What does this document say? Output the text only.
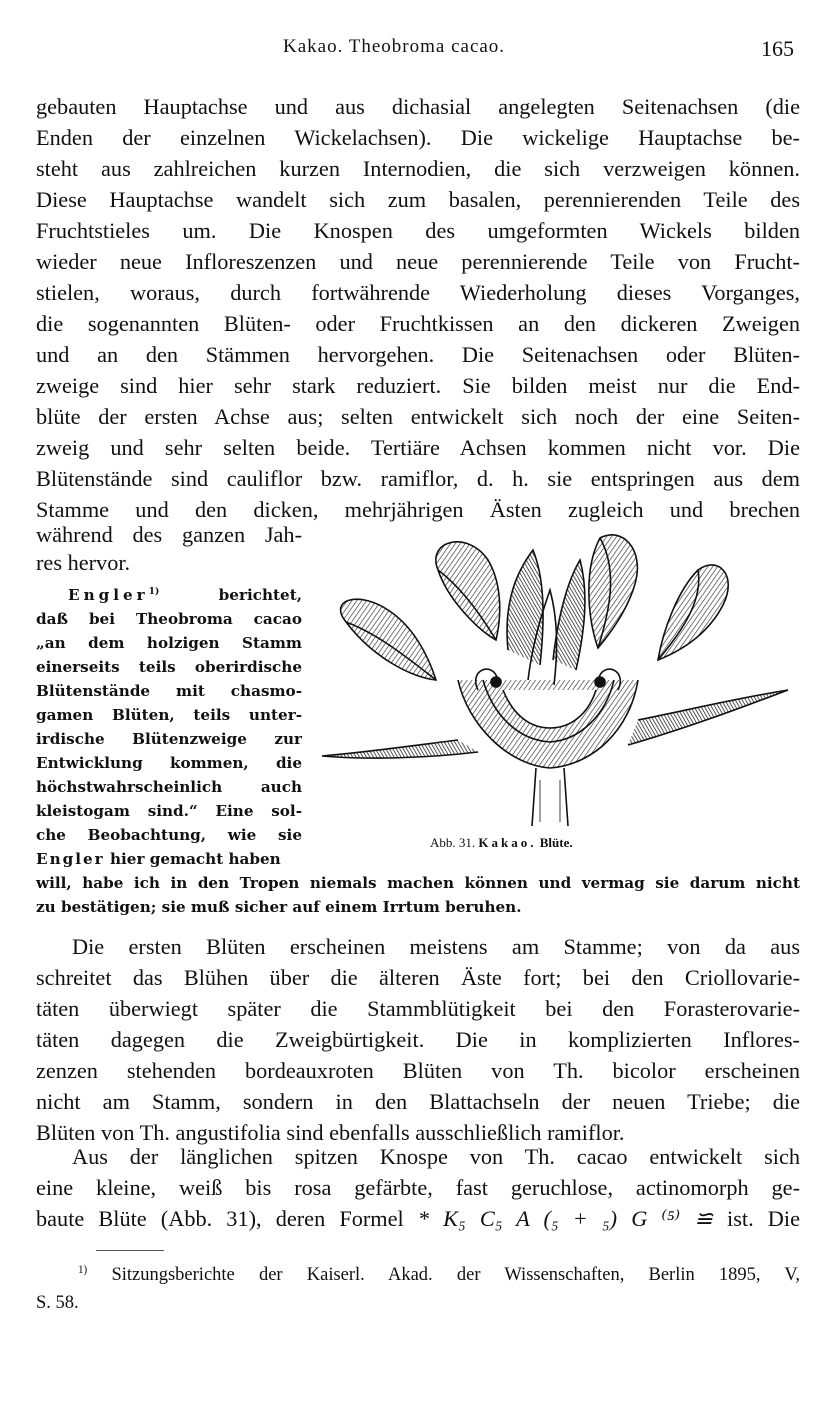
Kakao. Theobroma cacao.	165
gebauten Hauptachse und aus dichasial angelegten Seitenachsen (die
Enden der einzelnen Wickelachsen). Die wickelige Hauptachse be-
steht aus zahlreichen kurzen Internodien, die sich verzweigen können.
Diese Hauptachse wandelt sich zum basalen, perennierenden Teile des
Fruchtstieles um. Die Knospen des umgeformten Wickels bilden
wieder neue Infloreszenzen und neue perennierende Teile von Frucht-
stielen, woraus, durch fortwährende Wiederholung dieses Vorganges,
die sogenannten Blüten- oder Fruchtkissen an den dickeren Zweigen
und an den Stämmen hervorgehen. Die Seitenachsen oder Blüten-
zweige sind hier sehr stark reduziert. Sie bilden meist nur die End-
blüte der ersten Achse aus; selten entwickelt sich noch der eine Seiten-
zweig und sehr selten beide. Tertiäre Achsen kommen nicht vor. Die
Blütenstände sind cauliflor bzw. ramiflor, d. h. sie entspringen aus dem
Stamme und den dicken, mehrjährigen Ästen zugleich und brechen
während des ganzen Jah-
res hervor.
Engler$^{1)}$	berichtet,
daß bei Theobroma cacao
„an dem holzigen Stamm
einerseits teils oberirdische
Blütenstände mit chasmo-
gamen Blüten, teils unter-
irdische Blütenzweige zur
Entwicklung kommen, die
höchstwahrscheinlich auch
kleistogam sind.“ Eine sol-
che Beobachtung, wie sie
Engler hier gemacht haben
will, habe ich in den Tropen niemals machen können und vermag sie darum nicht
zu bestätigen; sie muß sicher auf einem Irrtum beruhen.
Abb. 31. Kakao. Blüte.
Die ersten Blüten erscheinen meistens am Stamme; von da aus
schreitet das Blühen über die älteren Äste fort; bei den Criollovarie-
täten überwiegt später die Stammblütigkeit bei den Forasterovarie-
täten dagegen die Zweigbürtigkeit. Die in komplizierten Inflores-
zenzen stehenden bordeauxroten Blüten von Th. bicolor erscheinen
nicht am Stamm, sondern in den Blattachseln der neuen Triebe; die
Blüten von Th. angustifolia sind ebenfalls ausschließlich ramiflor.
Aus der länglichen spitzen Knospe von Th. cacao entwickelt sich
eine kleine, weiß bis rosa gefärbte, fast geruchlose, actinomorph ge-
baute Blüte (Abb. 31), deren Formel * K₅ C₅ A (₅ + ₅) G ⁽⁵⁾ ≌ ist. Die
$^{1)}$ Sitzungsberichte der Kaiserl. Akad. der Wissenschaften, Berlin 1895, V,
S. 58.
